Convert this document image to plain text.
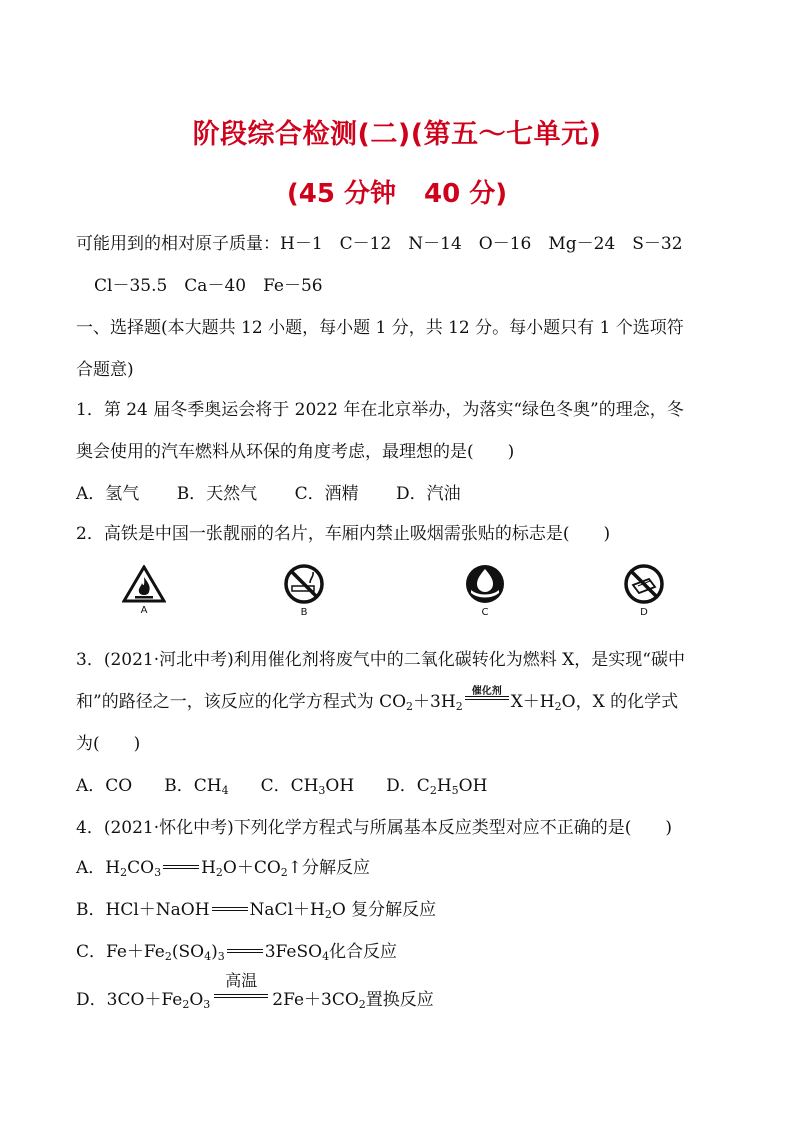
阶段综合检测(二)(第五～七单元)
(45 分钟 40 分)
可能用到的相对原子质量：H－1　C－12　N－14　O－16　Mg－24　S－32
Cl－35.5　Ca－40　Fe－56
一、选择题(本大题共 12 小题，每小题 1 分，共 12 分。每小题只有 1 个选项符
合题意)
1．第 24 届冬季奥运会将于 2022 年在北京举办，为落实“绿色冬奥”的理念，冬
奥会使用的汽车燃料从环保的角度考虑，最理想的是( )
A．氢气 B．天然气 C．酒精 D．汽油
2．高铁是中国一张靓丽的名片，车厢内禁止吸烟需张贴的标志是( )
A	B	C	D
3．(2021·河北中考)利用催化剂将废气中的二氧化碳转化为燃料 X，是实现“碳中
和”的路径之一，该反应的化学方程式为 $CO_2+3H_2$
催化剂
$X+H_2O$，X 的化学式
为( )
A．CO B．$CH_4$ C．$CH_3OH$ D．$C_2H_5OH$
4．(2021·怀化中考)下列化学方程式与所属基本反应类型对应不正确的是( )
A．$H_2CO_3$ $H_2O+CO_2↑$分解反应
B．HCl＋NaOH $NaCl+H_2O$ 复分解反应
C．$Fe+Fe_2(SO_4)_3$ 3FeSO$_4$化合反应
D．$3CO+Fe_2O_3$
高温
$2Fe+3CO_2$置换反应
